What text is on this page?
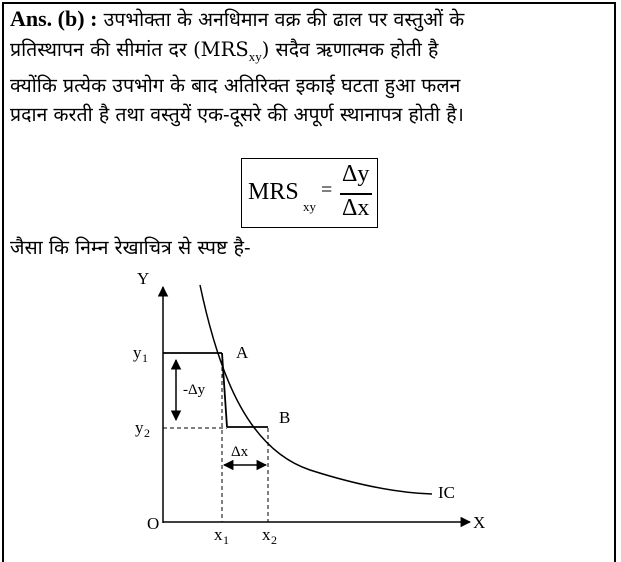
Ans. (b) : उपभोक्ता के अनधिमान वक्र की ढाल पर वस्तुओं के
प्रतिस्थापन की सीमांत दर $(MRS_{xy})$ सदैव ऋणात्मक होती है
क्योंकि प्रत्येक उपभोग के बाद अतिरिक्त इकाई घटता हुआ फलन
प्रदान करती है तथा वस्तुयें एक-दूसरे की अपूर्ण स्थानापत्र होती है।
MRS
xy
=
Δy
Δx
जैसा कि निम्न रेखाचित्र से स्पष्ट है-
Y
X
O
y 1
y 2
x 1 x 2
A
B
-Δy
Δx
IC
